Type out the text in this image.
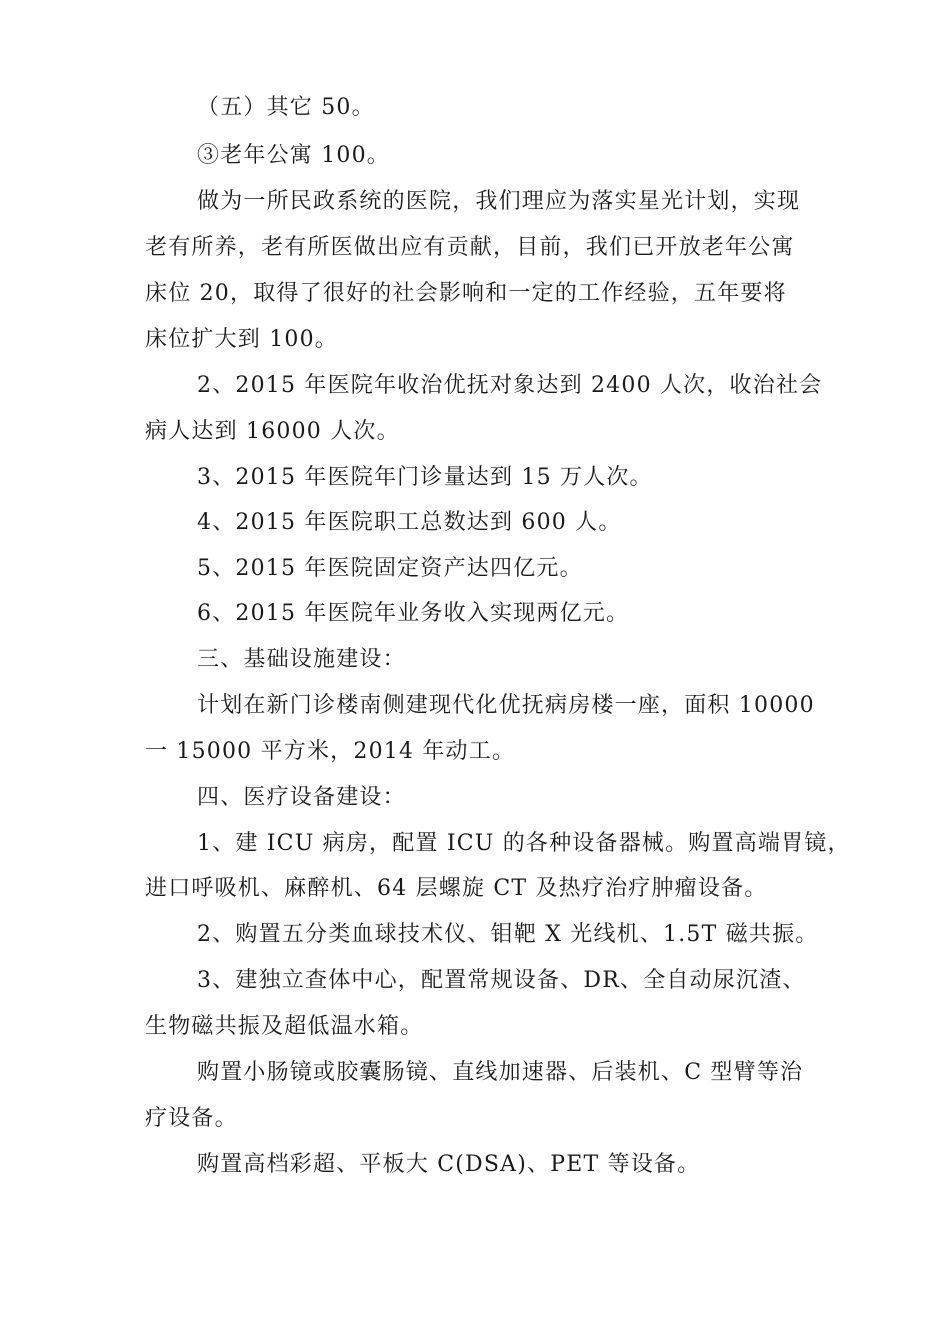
（五）其它 50。
③老年公寓 100。
做为一所民政系统的医院，我们理应为落实星光计划，实现
老有所养，老有所医做出应有贡献，目前，我们已开放老年公寓
床位 20，取得了很好的社会影响和一定的工作经验，五年要将
床位扩大到 100。
2、2015 年医院年收治优抚对象达到 2400 人次，收治社会
病人达到 16000 人次。
3、2015 年医院年门诊量达到 15 万人次。
4、2015 年医院职工总数达到 600 人。
5、2015 年医院固定资产达四亿元。
6、2015 年医院年业务收入实现两亿元。
三、基础设施建设：
计划在新门诊楼南侧建现代化优抚病房楼一座，面积 10000
一 15000 平方米，2014 年动工。
四、医疗设备建设：
1、建 ICU 病房，配置 ICU 的各种设备器械。购置高端胃镜，
进口呼吸机、麻醉机、64 层螺旋 CT 及热疗治疗肿瘤设备。
2、购置五分类血球技术仪、钼靶 X 光线机、1.5T 磁共振。
3、建独立查体中心，配置常规设备、DR、全自动尿沉渣、
生物磁共振及超低温水箱。
购置小肠镜或胶囊肠镜、直线加速器、后装机、C 型臂等治
疗设备。
购置高档彩超、平板大 C(DSA)、PET 等设备。
